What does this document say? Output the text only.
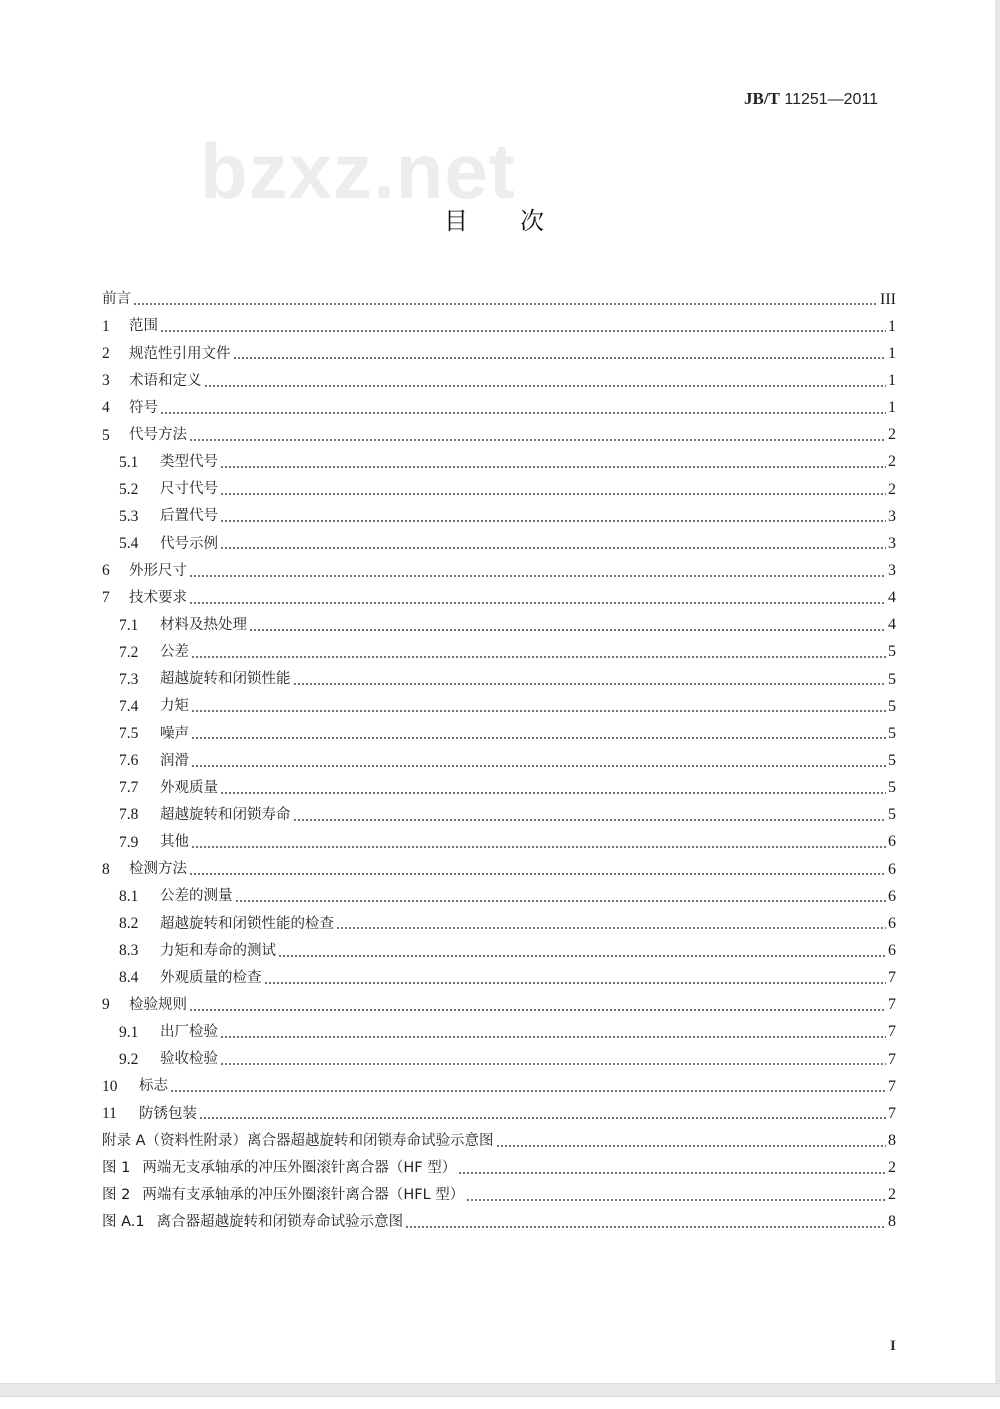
JB/T 11251—2011
bzxz.net
目 次
前言	III
1	范围	1
2	规范性引用文件	1
3	术语和定义	1
4	符号	1
5	代号方法	2
5.1	类型代号	2
5.2	尺寸代号	2
5.3	后置代号	3
5.4	代号示例	3
6	外形尺寸	3
7	技术要求	4
7.1	材料及热处理	4
7.2	公差	5
7.3	超越旋转和闭锁性能	5
7.4	力矩	5
7.5	噪声	5
7.6	润滑	5
7.7	外观质量	5
7.8	超越旋转和闭锁寿命	5
7.9	其他	6
8	检测方法	6
8.1	公差的测量	6
8.2	超越旋转和闭锁性能的检查	6
8.3	力矩和寿命的测试	6
8.4	外观质量的检查	7
9	检验规则	7
9.1	出厂检验	7
9.2	验收检验	7
10	标志	7
11	防锈包装	7
附录 A（资料性附录）离合器超越旋转和闭锁寿命试验示意图	8
图 1 两端无支承轴承的冲压外圈滚针离合器（HF 型）	2
图 2 两端有支承轴承的冲压外圈滚针离合器（HFL 型）	2
图 A.1 离合器超越旋转和闭锁寿命试验示意图	8
I
